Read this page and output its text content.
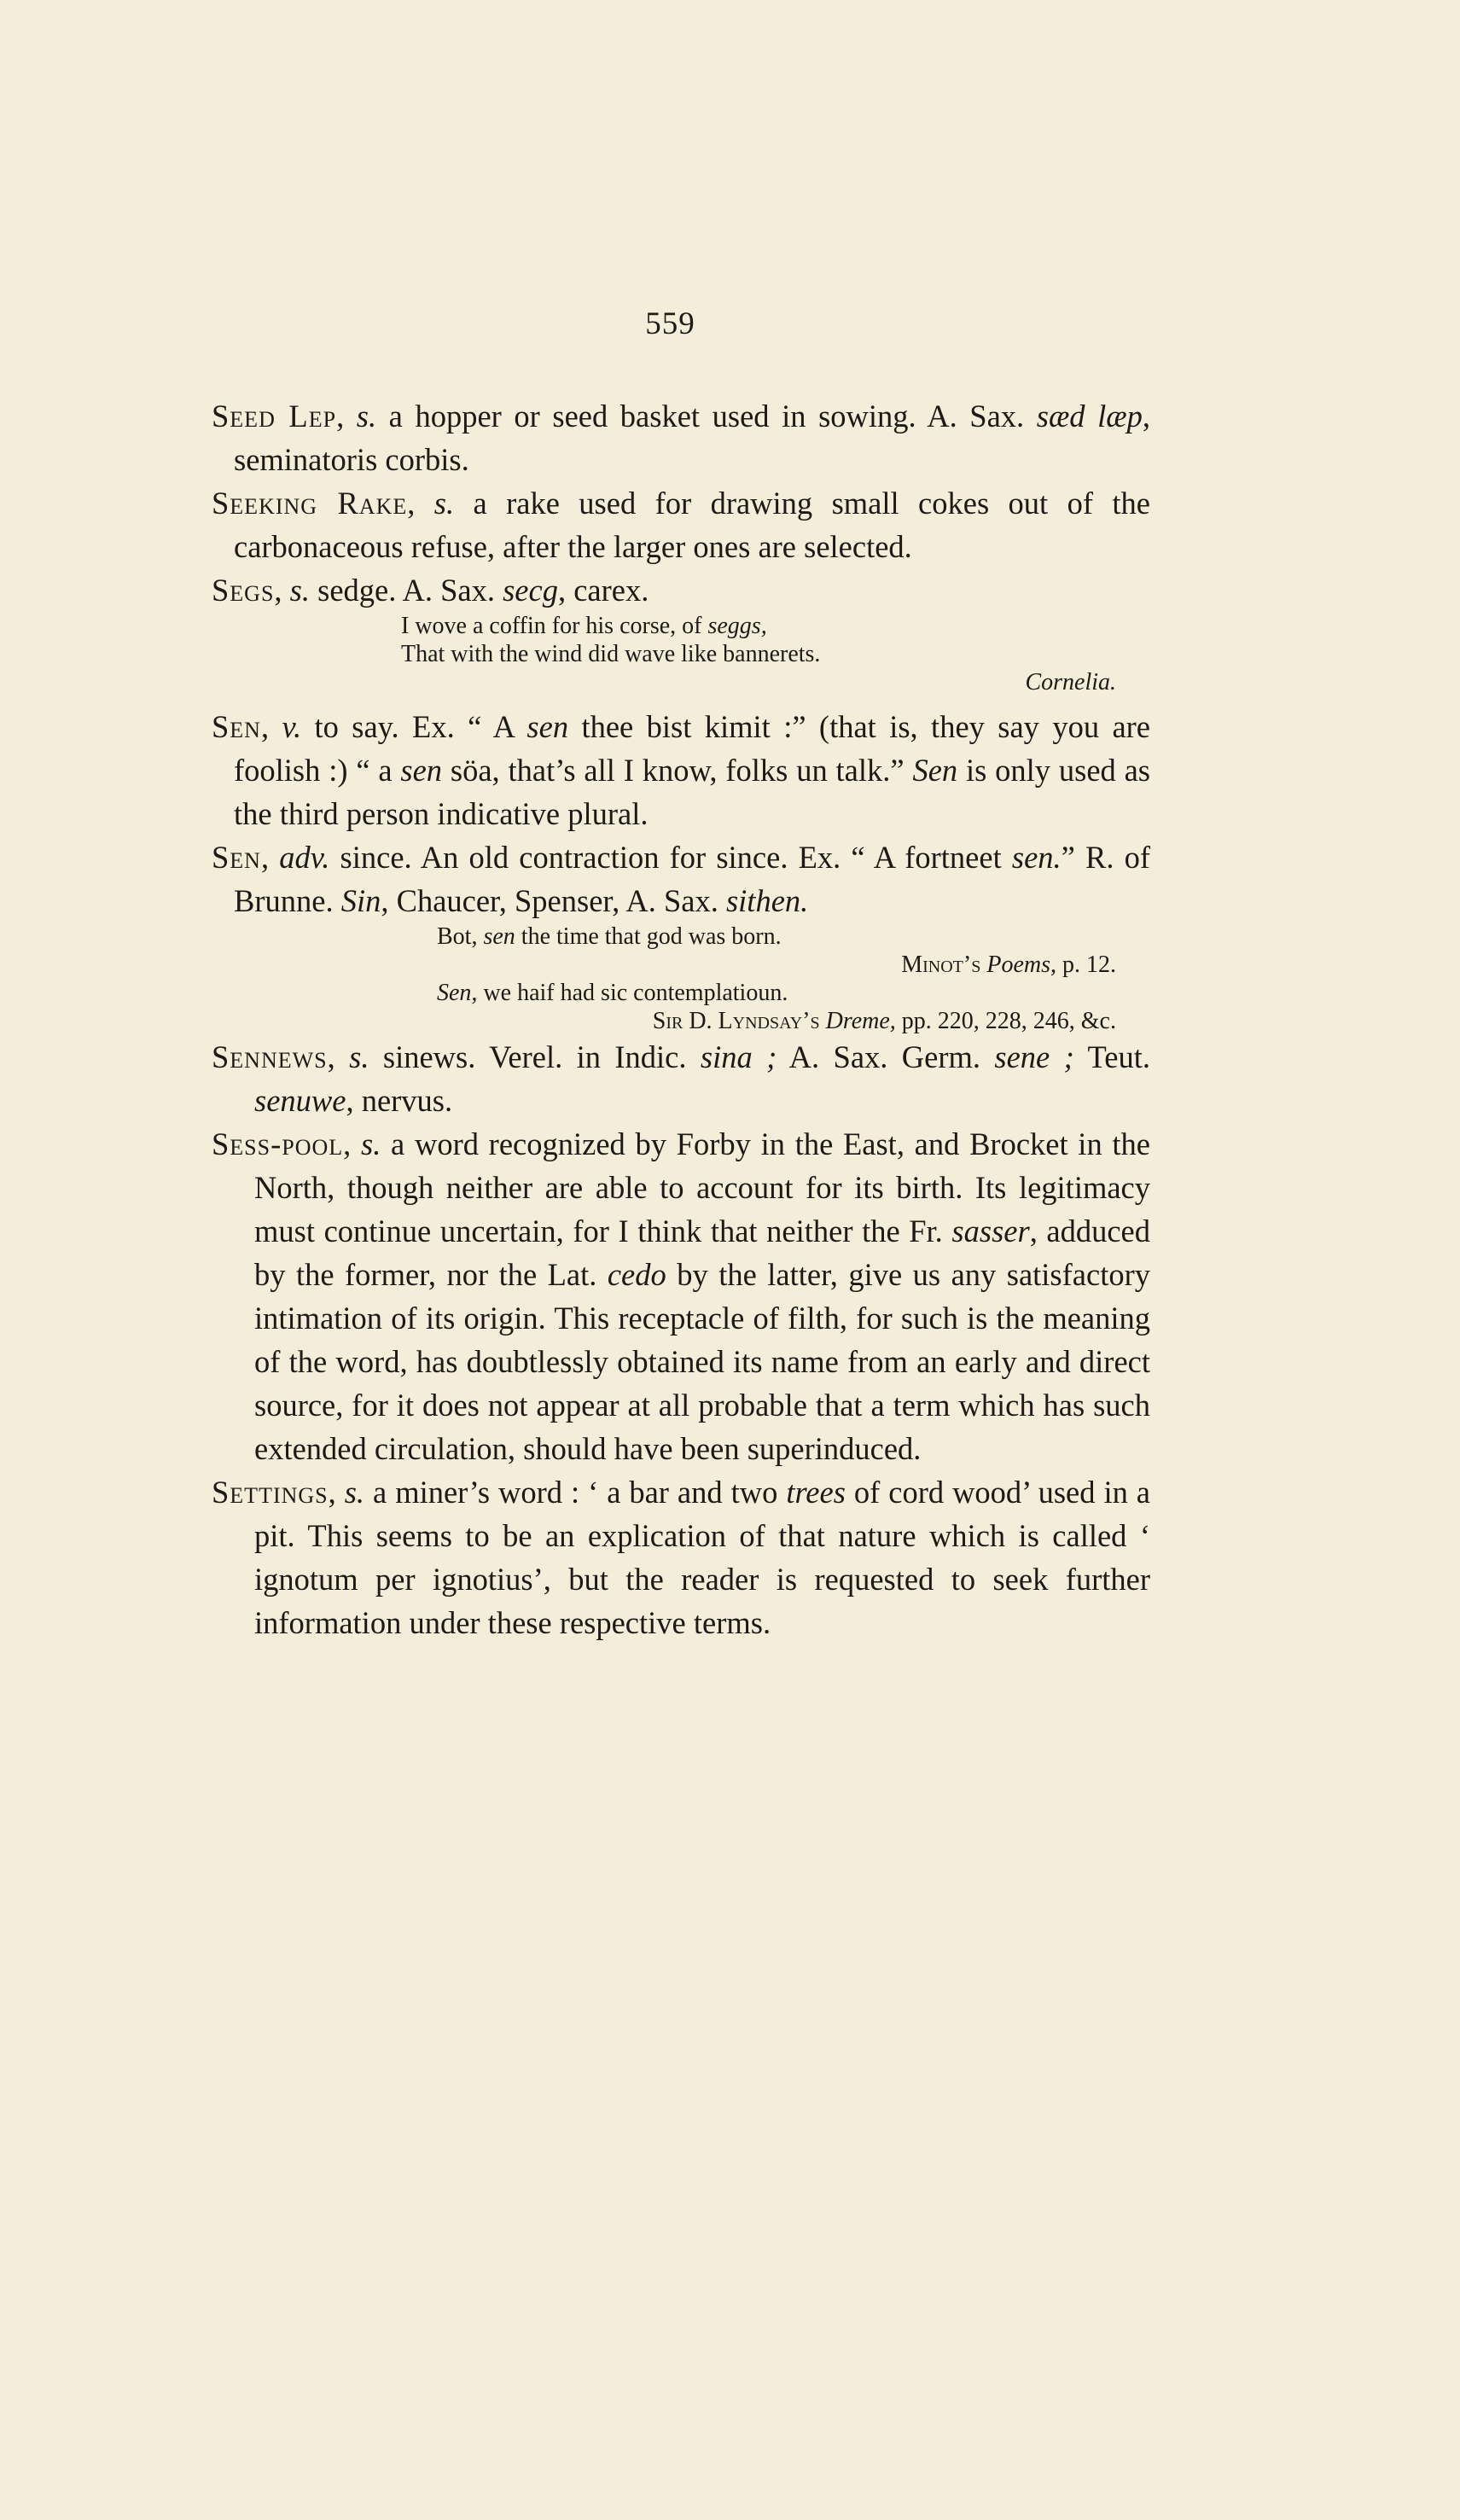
559

Seed Lep, s. a hopper or seed basket used in sowing. A. Sax. sæd læp, seminatoris corbis.

Seeking Rake, s. a rake used for drawing small cokes out of the carbonaceous refuse, after the larger ones are selected.

Segs, s. sedge. A. Sax. secg, carex.

I wove a coffin for his corse, of seggs,

That with the wind did wave like bannerets.

Cornelia.

Sen, v. to say. Ex. “ A sen thee bist kimit :” (that is, they say you are foolish :) “ a sen söa, that’s all I know, folks un talk.” Sen is only used as the third person indicative plural.

Sen, adv. since. An old contraction for since. Ex. “ A fortneet sen.” R. of Brunne. Sin, Chaucer, Spenser, A. Sax. sithen.

Bot, sen the time that god was born.

Minot’s Poems, p. 12.

Sen, we haif had sic contemplatioun.

Sir D. Lyndsay’s Dreme, pp. 220, 228, 246, &c.

Sennews, s. sinews. Verel. in Indic. sina ; A. Sax. Germ. sene ; Teut. senuwe, nervus.

Sess-pool, s. a word recognized by Forby in the East, and Brocket in the North, though neither are able to account for its birth. Its legitimacy must continue uncertain, for I think that neither the Fr. sasser, adduced by the former, nor the Lat. cedo by the latter, give us any satisfactory intimation of its origin. This receptacle of filth, for such is the meaning of the word, has doubtlessly obtained its name from an early and direct source, for it does not appear at all probable that a term which has such extended circulation, should have been superinduced.

Settings, s. a miner’s word : ‘ a bar and two trees of cord wood’ used in a pit. This seems to be an explication of that nature which is called ‘ ignotum per ignotius’, but the reader is requested to seek further information under these respective terms.
